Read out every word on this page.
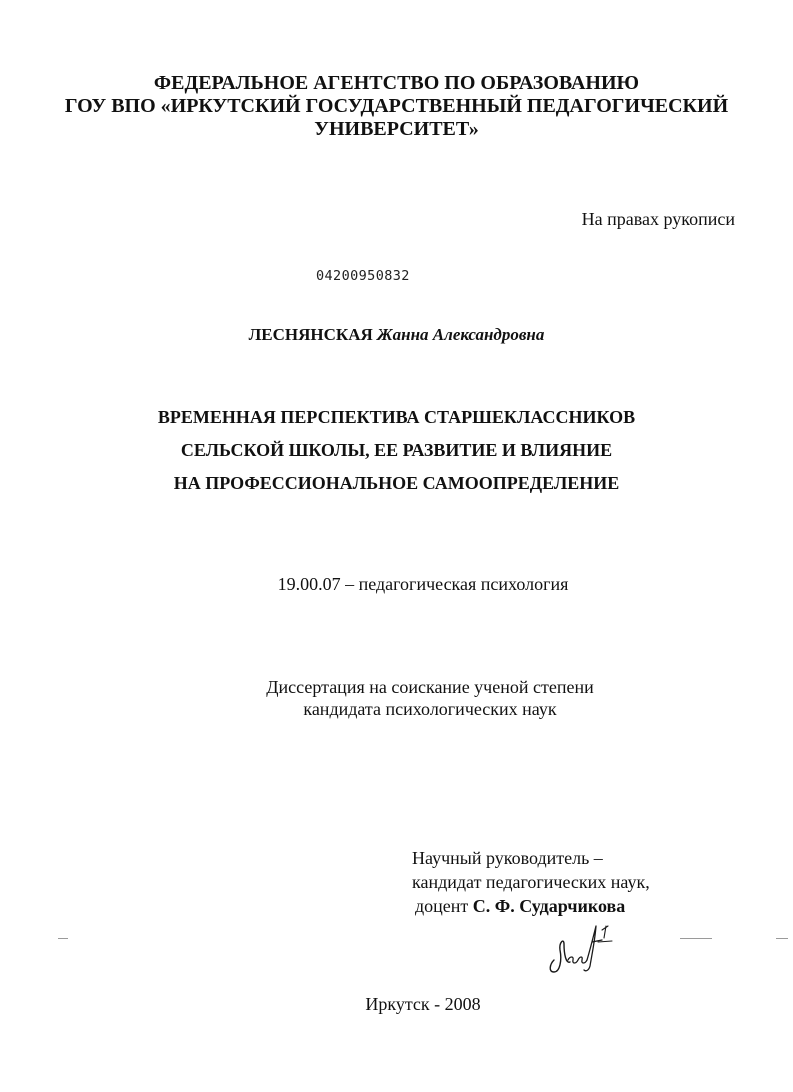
ФЕДЕРАЛЬНОЕ АГЕНТСТВО ПО ОБРАЗОВАНИЮ
ГОУ ВПО «ИРКУТСКИЙ ГОСУДАРСТВЕННЫЙ ПЕДАГОГИЧЕСКИЙ
УНИВЕРСИТЕТ»
На правах рукописи
04200950832
ЛЕСНЯНСКАЯ Жанна Александровна
ВРЕМЕННАЯ ПЕРСПЕКТИВА СТАРШЕКЛАССНИКОВ
СЕЛЬСКОЙ ШКОЛЫ, ЕЕ РАЗВИТИЕ И ВЛИЯНИЕ
НА ПРОФЕССИОНАЛЬНОЕ САМООПРЕДЕЛЕНИЕ
19.00.07 – педагогическая психология
Диссертация на соискание ученой степени
кандидата психологических наук
Научный руководитель –
кандидат педагогических наук,
доцент С. Ф. Сударчикова
Иркутск - 2008
